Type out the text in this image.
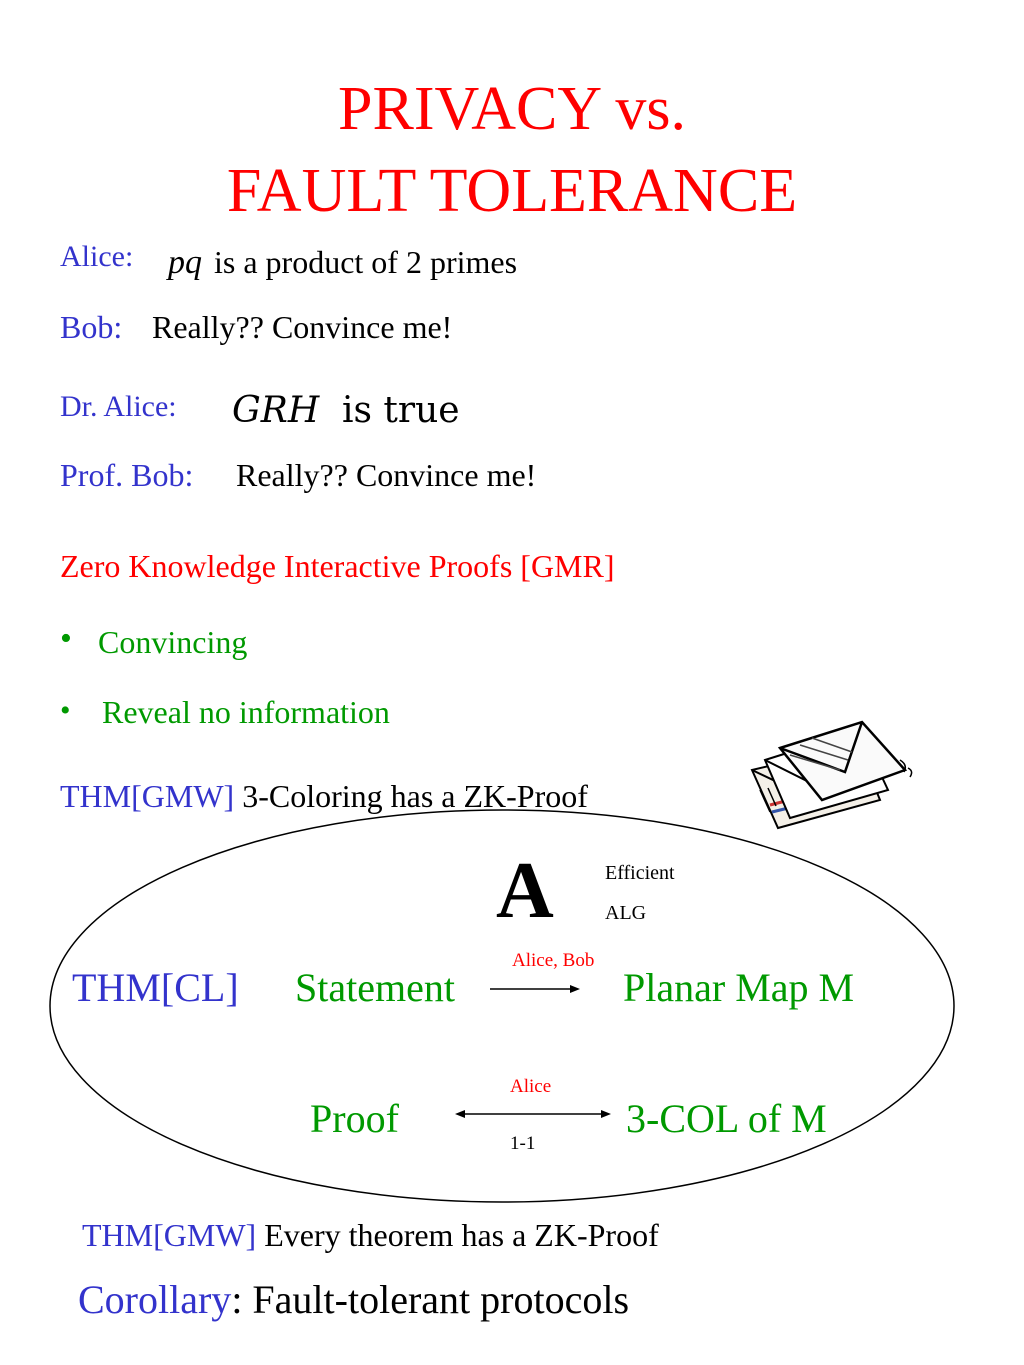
PRIVACY vs.
FAULT TOLERANCE
Alice: pq is a product of 2 primes
Bob: Really?? Convince me!
Dr. Alice: GRH is true
Prof. Bob: Really?? Convince me!
Zero Knowledge Interactive Proofs [GMR]
• Convincing
• Reveal no information
THM[GMW] 3-Coloring has a ZK-Proof
A	Efficient
ALG
THM[CL] Statement
Alice, Bob
Planar Map M
Proof
Alice
1-1
3-COL of M
THM[GMW] Every theorem has a ZK-Proof
Corollary: Fault-tolerant protocols
